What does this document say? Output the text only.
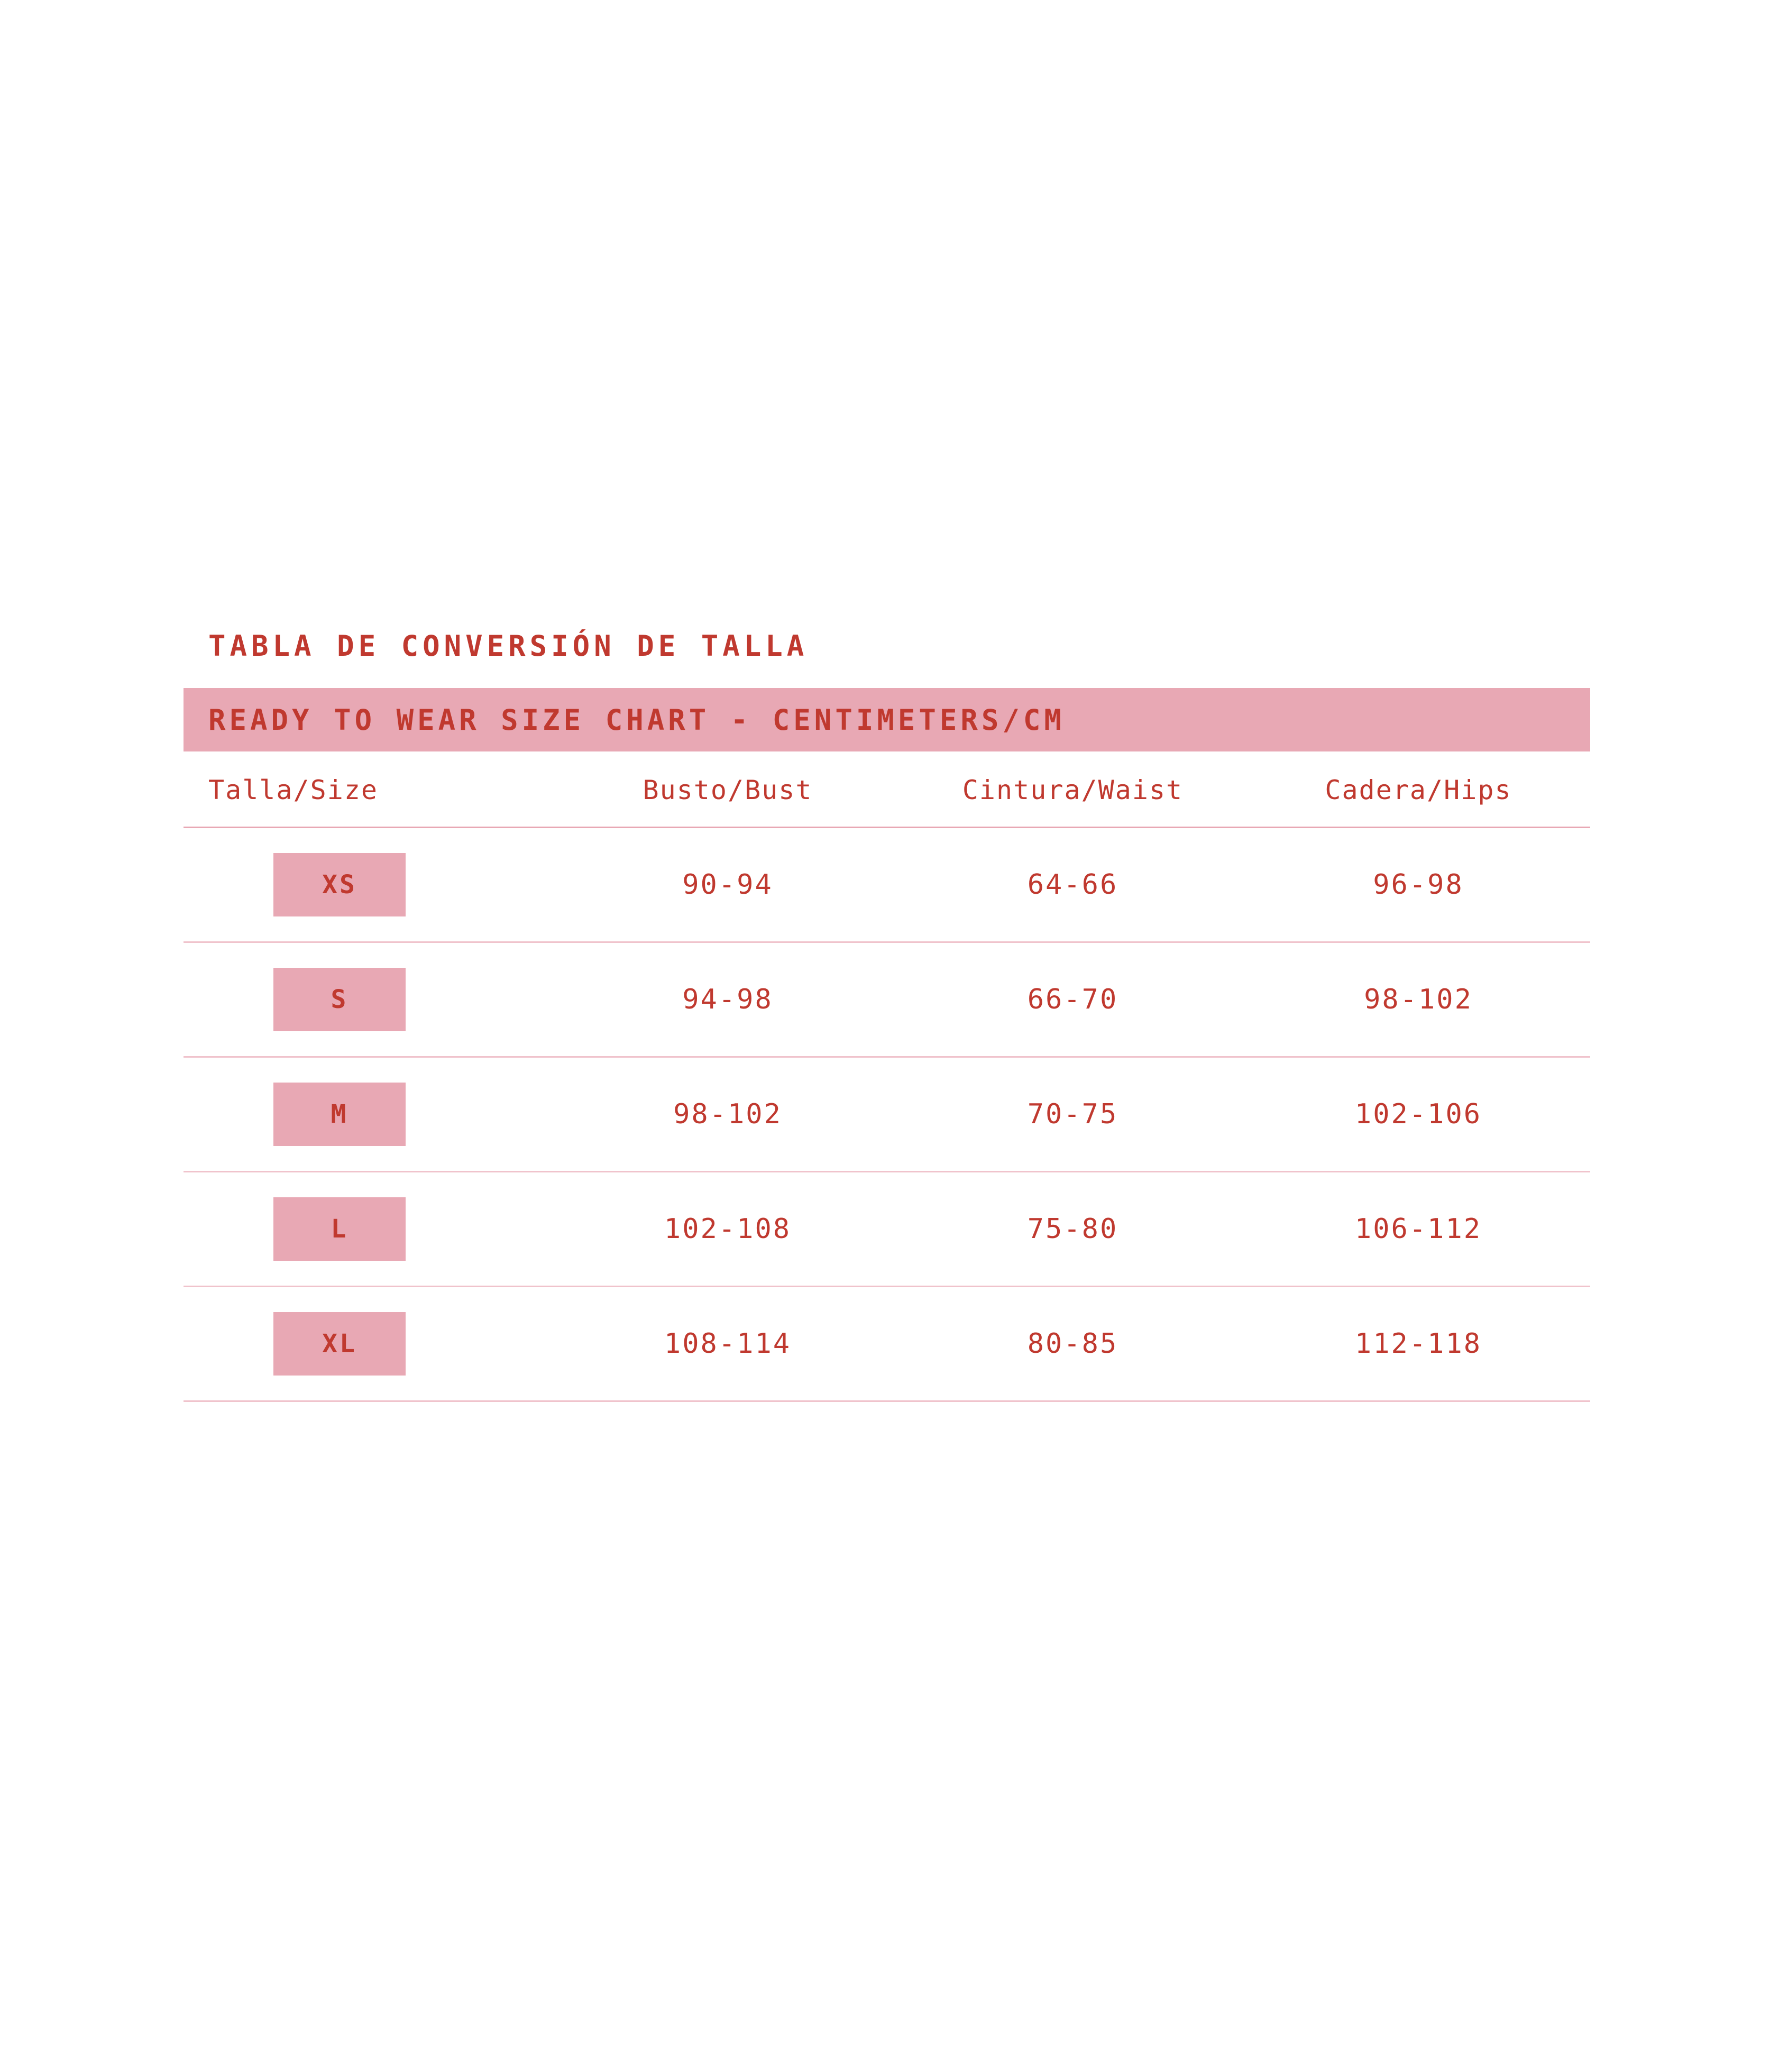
TABLA DE CONVERSIÓN DE TALLA
READY TO WEAR SIZE CHART - CENTIMETERS/CM
Talla/Size	Busto/Bust	Cintura/Waist	Cadera/Hips

XS	90-94	64-66	96-98

S	94-98	66-70	98-102

M	98-102	70-75	102-106

L	102-108	75-80	106-112

XL	108-114	80-85	112-118
